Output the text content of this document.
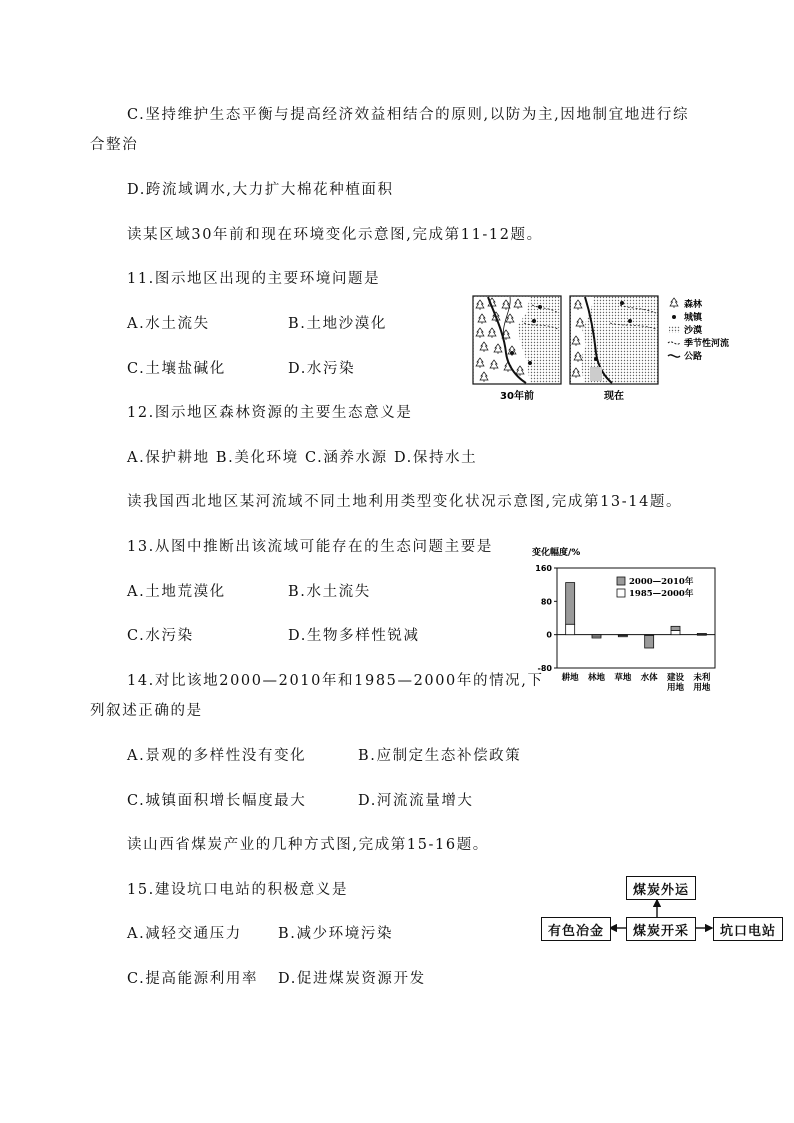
C.坚持维护生态平衡与提高经济效益相结合的原则,以防为主,因地制宜地进行综
合整治
D.跨流域调水,大力扩大棉花种植面积
读某区域30年前和现在环境变化示意图,完成第11-12题。
11.图示地区出现的主要环境问题是
A.水土流失	B.土地沙漠化
C.土壤盐碱化	D.水污染
12.图示地区森林资源的主要生态意义是
A.保护耕地 B.美化环境 C.涵养水源 D.保持水土
读我国西北地区某河流域不同土地利用类型变化状况示意图,完成第13-14题。
13.从图中推断出该流域可能存在的生态问题主要是
A.土地荒漠化	B.水土流失
C.水污染	D.生物多样性锐减
14.对比该地2000—2010年和1985—2000年的情况,下
列叙述正确的是
A.景观的多样性没有变化	B.应制定生态补偿政策
C.城镇面积增长幅度最大	D.河流流量增大
读山西省煤炭产业的几种方式图,完成第15-16题。
15.建设坑口电站的积极意义是
A.减轻交通压力 B.减少环境污染
C.提高能源利用率 D.促进煤炭资源开发
30年前	现在
森林
城镇
沙漠
季节性河流
公路
变化幅度/%
160
80
0
-80
耕地 林地 草地 水体 建设
用地
未利
用地
2000—2010年
1985—2000年
煤炭外运
煤炭开采
有色冶金	坑口电站
